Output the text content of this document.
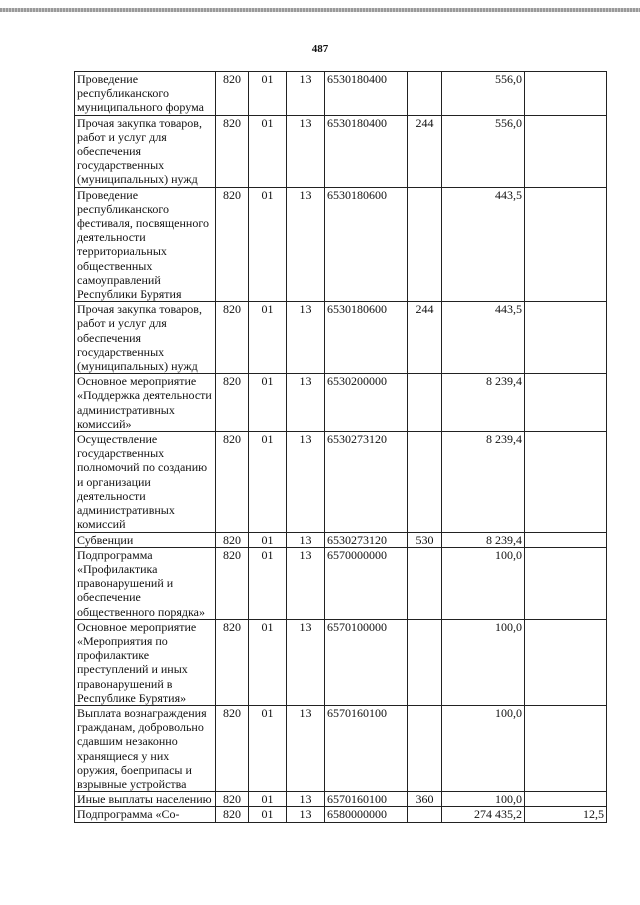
487
Проведение республиканского муниципального форума	820	01	13	6530180400		556,0	
Прочая закупка товаров, работ и услуг для обеспечения государственных (муниципальных) нужд	820	01	13	6530180400	244	556,0	
Проведение республиканского фестиваля, посвященного деятельности территориальных общественных самоуправлений Республики Бурятия	820	01	13	6530180600		443,5	
Прочая закупка товаров, работ и услуг для обеспечения государственных (муниципальных) нужд	820	01	13	6530180600	244	443,5	
Основное мероприятие «Поддержка деятельности административных комиссий»	820	01	13	6530200000		8 239,4	
Осуществление государственных полномочий по созданию и организации деятельности административных комиссий	820	01	13	6530273120		8 239,4	
Субвенции	820	01	13	6530273120	530	8 239,4	
Подпрограмма «Профилактика правонарушений и обеспечение общественного порядка»	820	01	13	6570000000		100,0	
Основное мероприятие «Мероприятия по профилактике преступлений и иных правонарушений в Республике Бурятия»	820	01	13	6570100000		100,0	
Выплата вознаграждения гражданам, добровольно сдавшим незаконно хранящиеся у них оружия, боеприпасы и взрывные устройства	820	01	13	6570160100		100,0	
Иные выплаты населению	820	01	13	6570160100	360	100,0	
Подпрограмма «Со-	820	01	13	6580000000		274 435,2	12,5
